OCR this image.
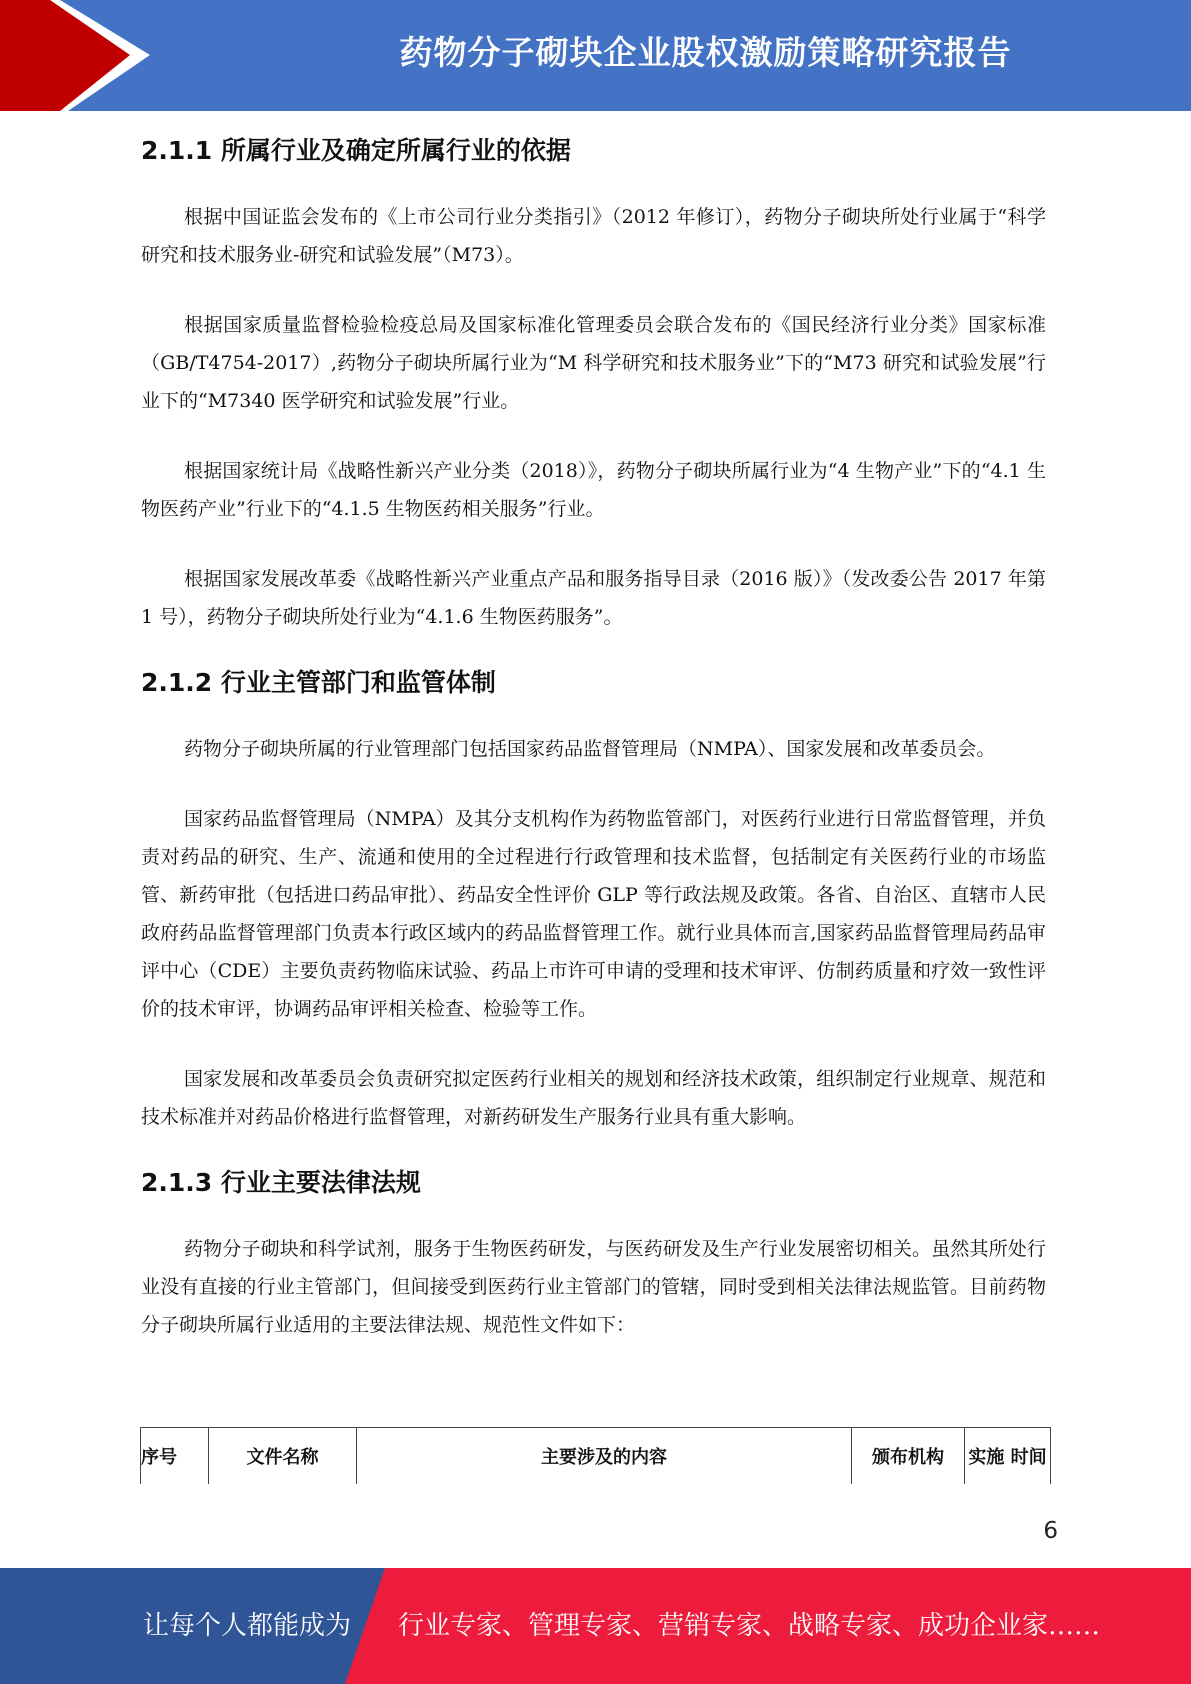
药物分子砌块企业股权激励策略研究报告
2.1.1 所属行业及确定所属行业的依据

根据中国证监会发布的《上市公司行业分类指引》（2012 年修订），药物分子砌块所处行业属于“科学研究和技术服务业-研究和试验发展”（M73）。

根据国家质量监督检验检疫总局及国家标准化管理委员会联合发布的《国民经济行业分类》国家标准（GB/T4754-2017）,药物分子砌块所属行业为“M 科学研究和技术服务业”下的“M73 研究和试验发展”行业下的“M7340 医学研究和试验发展”行业。

根据国家统计局《战略性新兴产业分类（2018）》，药物分子砌块所属行业为“4 生物产业”下的“4.1 生物医药产业”行业下的“4.1.5 生物医药相关服务”行业。

根据国家发展改革委《战略性新兴产业重点产品和服务指导目录（2016 版）》（发改委公告 2017 年第 1 号），药物分子砌块所处行业为“4.1.6 生物医药服务”。

2.1.2 行业主管部门和监管体制

药物分子砌块所属的行业管理部门包括国家药品监督管理局（NMPA）、国家发展和改革委员会。

国家药品监督管理局（NMPA）及其分支机构作为药物监管部门，对医药行业进行日常监督管理，并负责对药品的研究、生产、流通和使用的全过程进行行政管理和技术监督，包括制定有关医药行业的市场监管、新药审批（包括进口药品审批）、药品安全性评价 GLP 等行政法规及政策。各省、自治区、直辖市人民政府药品监督管理部门负责本行政区域内的药品监督管理工作。就行业具体而言,国家药品监督管理局药品审评中心（CDE）主要负责药物临床试验、药品上市许可申请的受理和技术审评、仿制药质量和疗效一致性评价的技术审评，协调药品审评相关检查、检验等工作。

国家发展和改革委员会负责研究拟定医药行业相关的规划和经济技术政策，组织制定行业规章、规范和技术标准并对药品价格进行监督管理，对新药研发生产服务行业具有重大影响。

2.1.3 行业主要法律法规

药物分子砌块和科学试剂，服务于生物医药研发，与医药研发及生产行业发展密切相关。虽然其所处行业没有直接的行业主管部门，但间接受到医药行业主管部门的管辖，同时受到相关法律法规监管。目前药物分子砌块所属行业适用的主要法律法规、规范性文件如下：

序号	文件名称	主要涉及的内容	颁布机构	实施 时间
6
让每个人都能成为 行业专家、管理专家、营销专家、战略专家、成功企业家……
